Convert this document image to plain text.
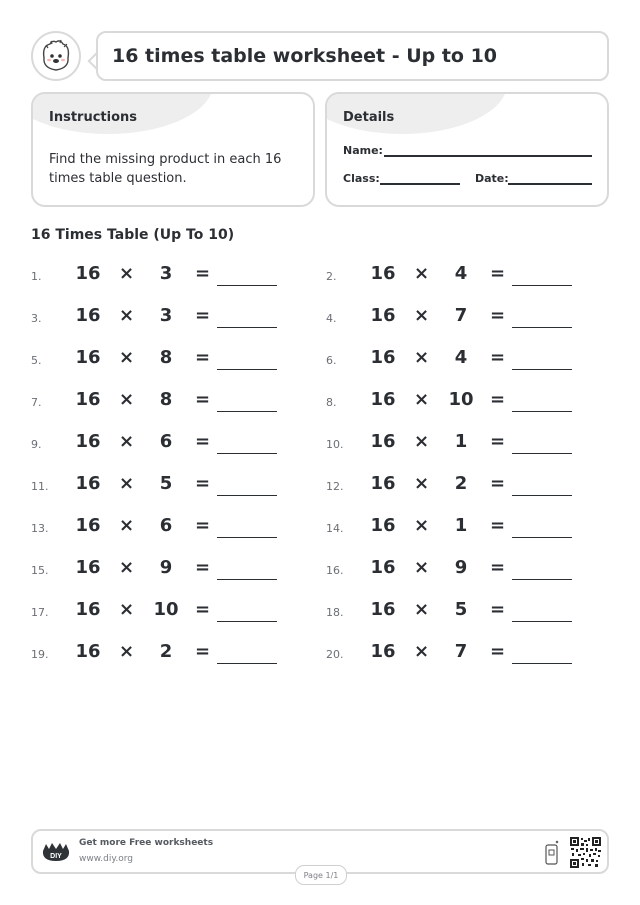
16 times table worksheet - Up to 10
Instructions
Find the missing product in each 16 times table question.
Details
Name:
Class:	Date:
16 Times Table (Up To 10)
1. 16 ×	3	=	2. 16 ×	4	=
3. 16 ×	3	=	4. 16 ×	7	=
5. 16 ×	8	=	6. 16 ×	4	=
7. 16 ×	8	=	8. 16 × 10 =
9. 16 ×	6	=	10. 16 ×	1	=
11. 16 ×	5	=	12. 16 ×	2	=
13. 16 ×	6	=	14. 16 ×	1	=
15. 16 ×	9	=	16. 16 ×	9	=
17. 16 × 10 =	18. 16 ×	5	=
19. 16 ×	2	=	20. 16 ×	7	=
DIY
Get more Free worksheets
www.diy.org
Page 1/1
